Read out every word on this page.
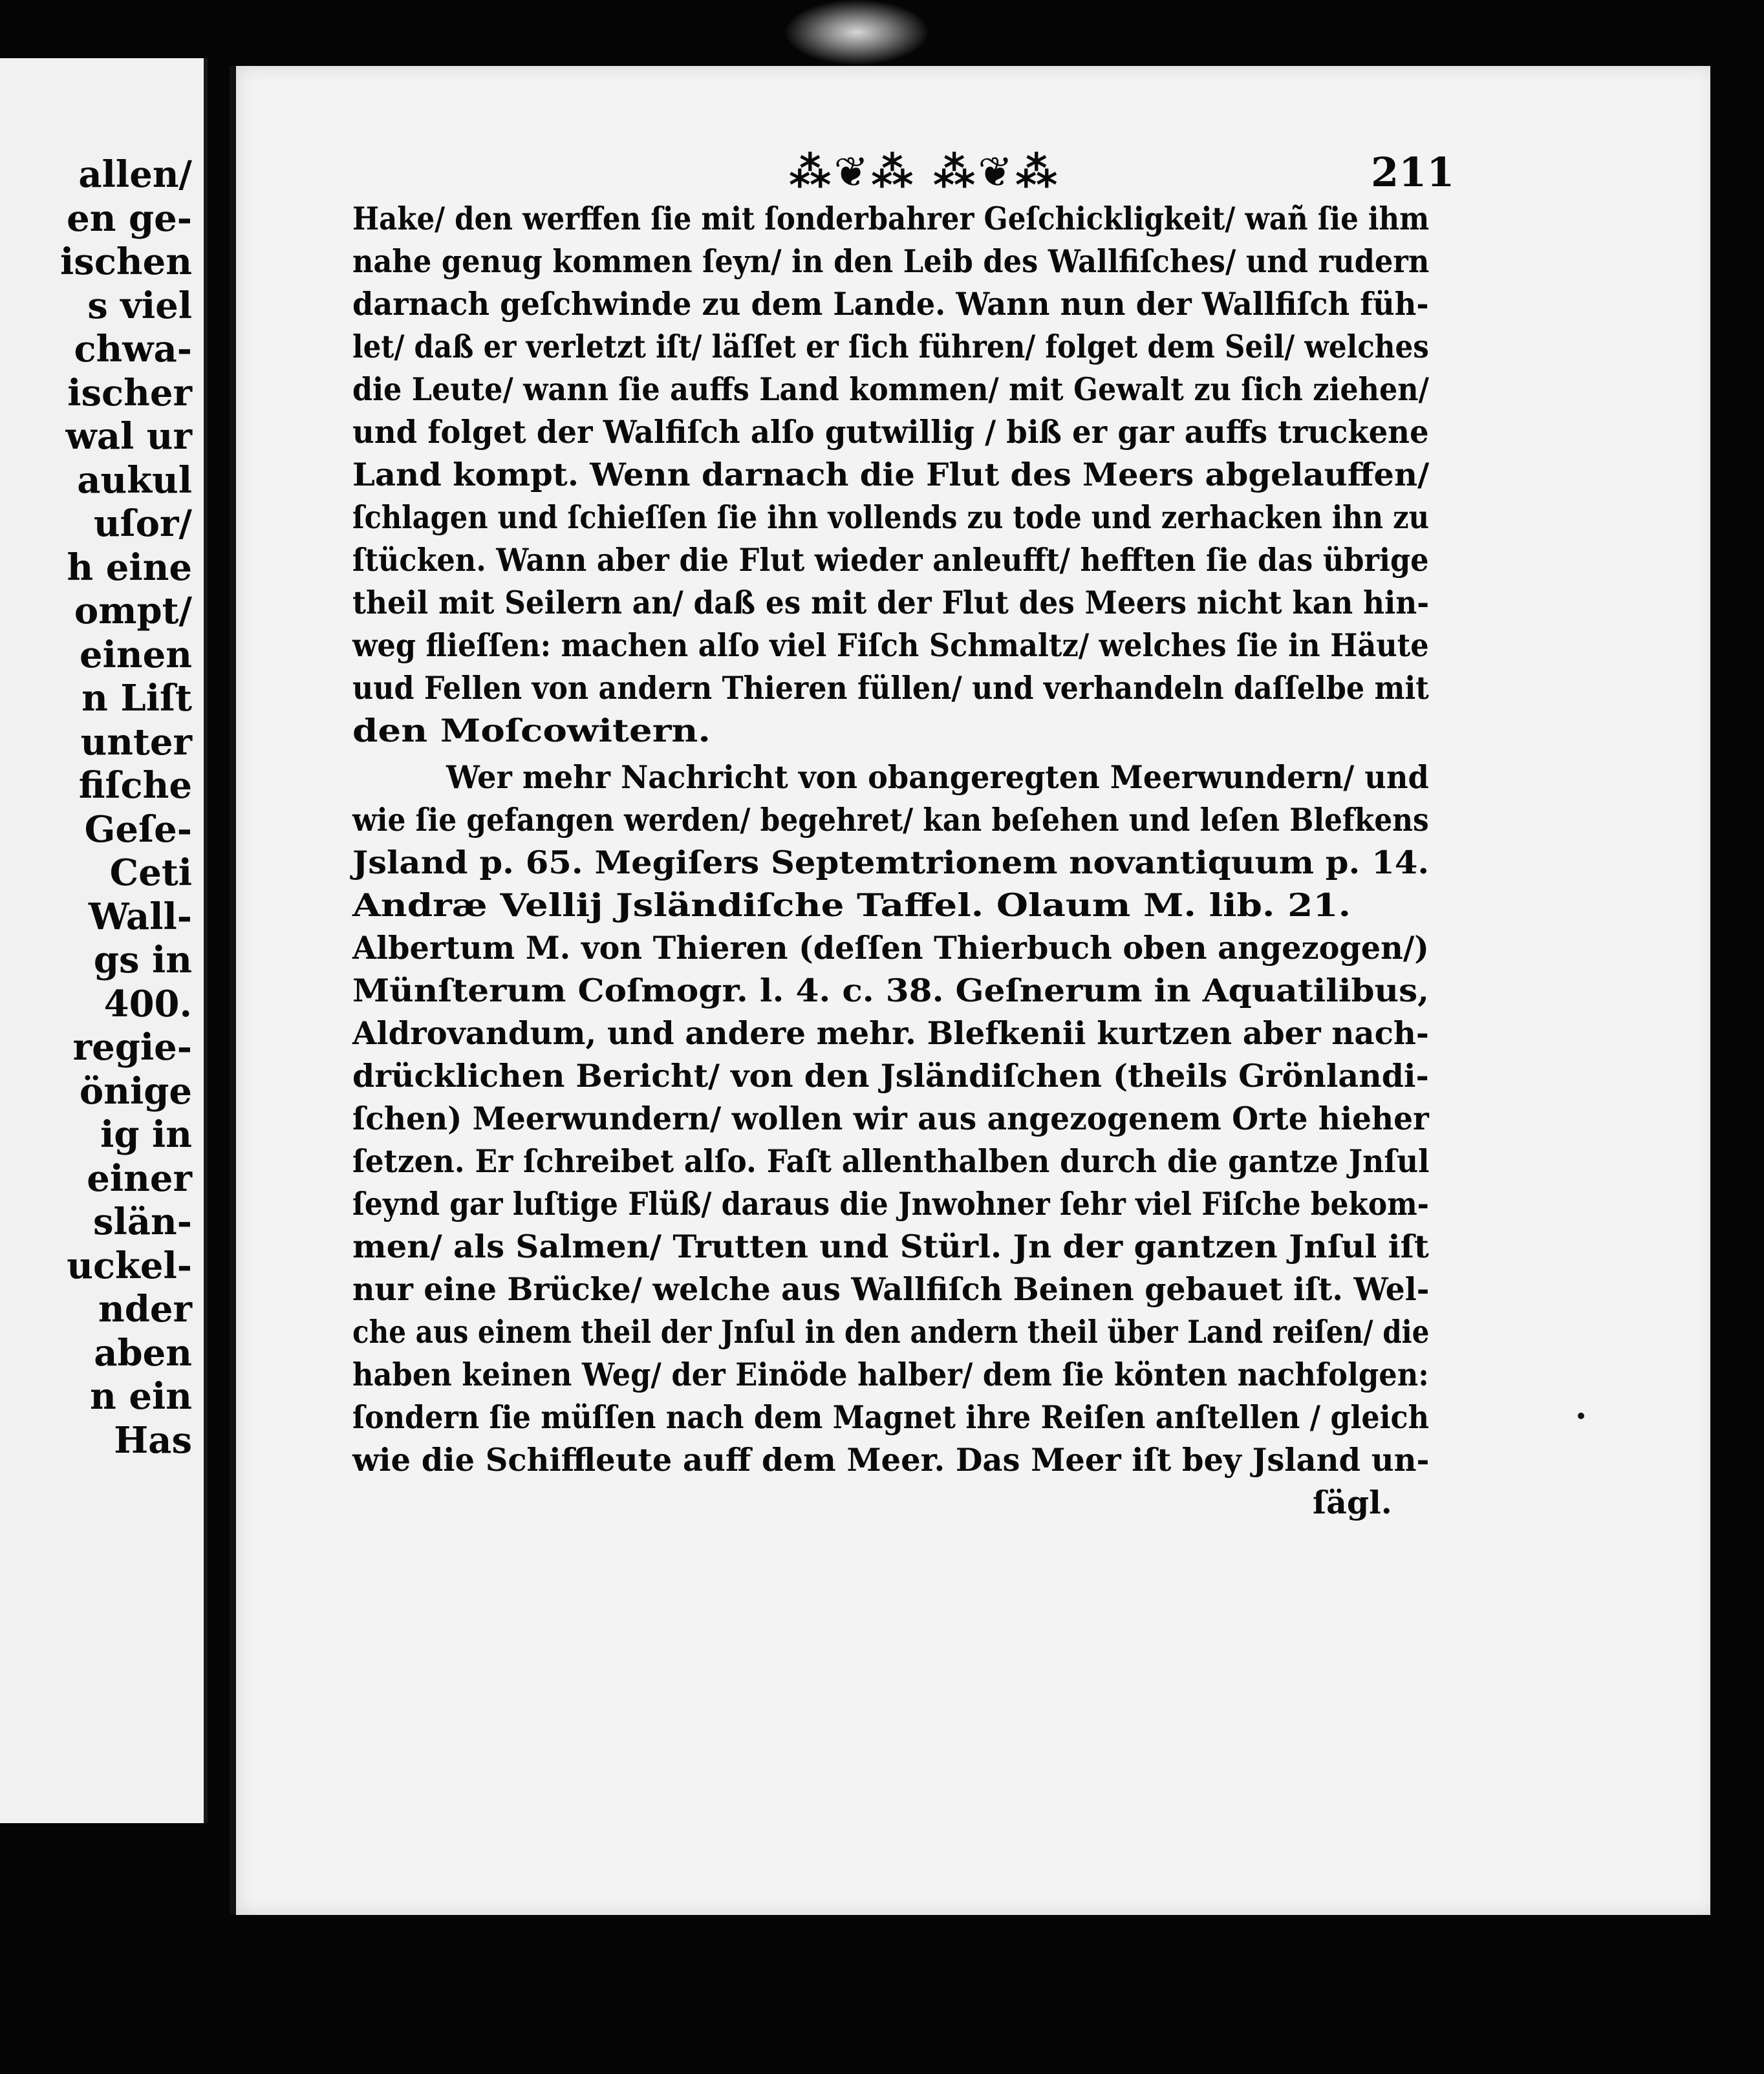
allen/
en ge-
ischen
s viel
chwa-
ischer
wal ur
aukul
uſor/
h eine
ompt/
einen
n Liſt
unter
fiſche
Geſe-
Ceti
Wall-
gs in
400.
regie-
önige
ig in
einer
slän-
uckel-
nder
aben
n ein
Has
⁂❦⁂ ⁂❦⁂	211
Hake/ den werffen ſie mit ſonderbahrer Geſchickligkeit/ wañ ſie ihm
nahe genug kommen ſeyn/ in den Leib des Wallfiſches/ und rudern
darnach geſchwinde zu dem Lande. Wann nun der Wallfiſch füh-
let/ daß er verletzt iſt/ läſſet er ſich führen/ folget dem Seil/ welches
die Leute/ wann ſie auffs Land kommen/ mit Gewalt zu ſich ziehen/
und folget der Walfiſch alſo gutwillig / biß er gar auffs truckene
Land kompt. Wenn darnach die Flut des Meers abgelauffen/
ſchlagen und ſchieſſen ſie ihn vollends zu tode und zerhacken ihn zu
ſtücken. Wann aber die Flut wieder anleufft/ hefften ſie das übrige
theil mit Seilern an/ daß es mit der Flut des Meers nicht kan hin-
weg flieſſen: machen alſo viel Fiſch Schmaltz/ welches ſie in Häute
uud Fellen von andern Thieren füllen/ und verhandeln daſſelbe mit
den Moſcowitern.
Wer mehr Nachricht von obangeregten Meerwundern/ und
wie ſie gefangen werden/ begehret/ kan beſehen und leſen Blefkens
Jsland p. 65. Megiſers Septemtrionem novantiquum p. 14.
Andræ Vellij Jsländiſche Taffel. Olaum M. lib. 21.
Albertum M. von Thieren (deſſen Thierbuch oben angezogen/)
Münſterum Coſmogr. l. 4. c. 38. Geſnerum in Aquatilibus,
Aldrovandum, und andere mehr. Blefkenii kurtzen aber nach-
drücklichen Bericht/ von den Jsländiſchen (theils Grönlandi-
ſchen) Meerwundern/ wollen wir aus angezogenem Orte hieher
ſetzen. Er ſchreibet alſo. Faſt allenthalben durch die gantze Jnſul
ſeynd gar luſtige Flüß/ daraus die Jnwohner ſehr viel Fiſche bekom-
men/ als Salmen/ Trutten und Stürl. Jn der gantzen Jnſul iſt
nur eine Brücke/ welche aus Wallfiſch Beinen gebauet iſt. Wel-
che aus einem theil der Jnſul in den andern theil über Land reiſen/ die
haben keinen Weg/ der Einöde halber/ dem ſie könten nachfolgen:
ſondern ſie müſſen nach dem Magnet ihre Reiſen anſtellen / gleich
wie die Schiffleute auff dem Meer. Das Meer iſt bey Jsland un-
ſägl.
